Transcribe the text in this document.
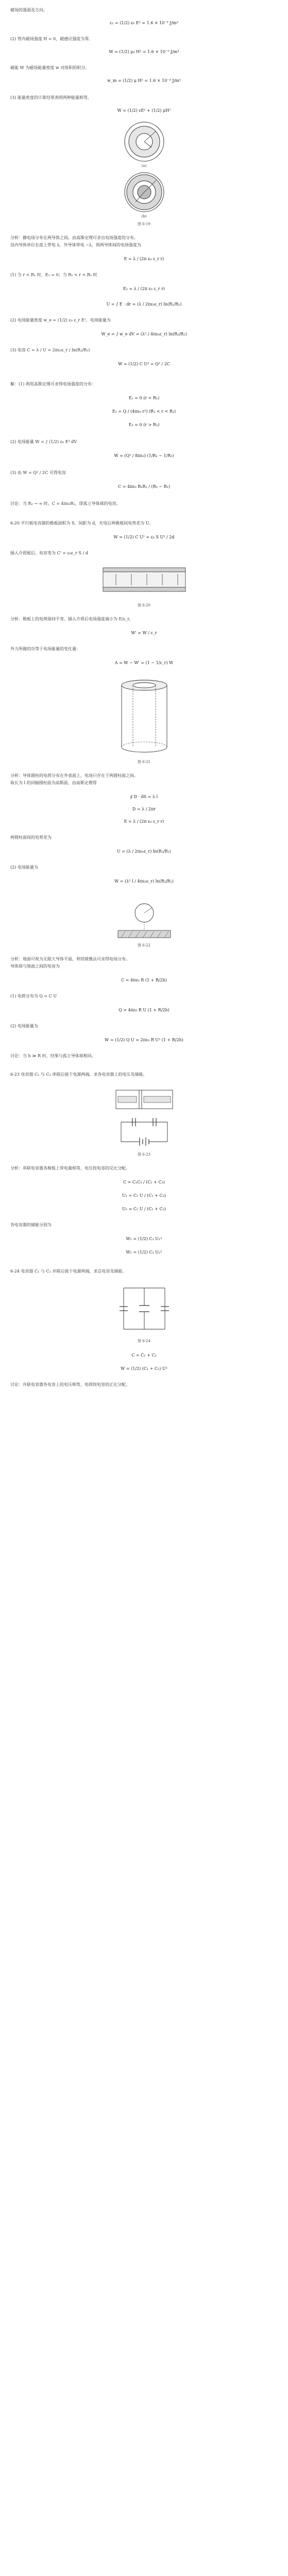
磁场的强弱及方向。
ε₁ = (1/2) ε₀ E² = 1.6 × 10⁻³ J/m³
(2) 管内磁场强度 H = 0，磁感应强度为零。
W = (1/2) μ₀ H² = 1.6 × 10⁻³ J/m³
磁能 W 为磁场能量密度 w 对体积的积分。
w_m = (1/2) μ H² = 1.6 × 10⁻³ J/m³
(3) 能量密度的计算结果表明两种能量相等。
W = (1/2) εE² + (1/2) μH²
(a)
(b)
图 6-19
分析：静电场分布在两导体之间，由高斯定理可求出电场强度的分布。
设内导体单位长度上带电 λ，外导体带电 −λ，则两导体间的电场强度为
E = λ / (2π ε₀ ε_r r)
(1) 当 r < R₁ 时，E₁ = 0；当 R₁ < r < R₂ 时
E₂ = λ / (2π ε₀ ε_r r)
U = ∫ E · dr = (λ / 2πε₀ε_r) ln(R₂/R₁)
(2) 电场能量密度 w_e = (1/2) ε₀ ε_r E²，电场能量为
W_e = ∫ w_e dV = (λ² / 4πε₀ε_r) ln(R₂/R₁)
(3) 电容 C = λ / U = 2πε₀ε_r / ln(R₂/R₁)
W = (1/2) C U² = Q² / 2C
解：(1) 利用高斯定理可求得电场强度的分布：
E₁ = 0 (r < R₁)
E₂ = Q / (4πε₀ r²) (R₁ < r < R₂)
E₃ = 0 (r > R₂)
(2) 电场能量 W = ∫ (1/2) ε₀ E² dV
W = (Q² / 8πε₀) (1/R₁ − 1/R₂)
(3) 由 W = Q² / 2C 可得电容
C = 4πε₀ R₁R₂ / (R₂ − R₁)
讨论：当 R₂ → ∞ 时，C = 4πε₀R₁，即孤立导体球的电容。
6-20 平行板电容器的极板面积为 S，间距为 d，充电后两极板间电势差为 U。
W = (1/2) C U² = ε₀ S U² / 2d
插入介质板后，电容变为 C' = ε₀ε_r S / d
图 6-20
分析：极板上的电荷保持不变，插入介质后电场强度减小为 E/ε_r。
W' = W / ε_r
外力所做的功等于电场能量的变化量：
A = W − W' = (1 − 1/ε_r) W
图 6-21
分析：导体圆柱的电荷分布在外表面上，电场只存在于两圆柱面之间。
取长为 l 的同轴圆柱面为高斯面，由高斯定理得
∮ D · dS = λ l
D = λ / 2πr
E = λ / (2π ε₀ ε_r r)
两圆柱面间的电势差为
U = (λ / 2πε₀ε_r) ln(R₂/R₁)
(2) 电场能量为
W = (λ² l / 4πε₀ε_r) ln(R₂/R₁)
图 6-22
分析：地面可视为无限大导体平面，利用镜像法可求得电场分布。
导体球与地面之间的电容为
C = 4πε₀ R (1 + R/2h)
(1) 电荷分布为 Q = C U
Q = 4πε₀ R U (1 + R/2h)
(2) 电场能量为
W = (1/2) Q U = 2πε₀ R U² (1 + R/2h)
讨论：当 h ≫ R 时，结果与孤立导体球相同。
6-23 电容器 C₁ 与 C₂ 串联后接于电源两端，求各电容器上的电压及储能。
图 6-23
分析：串联电容器各极板上带电量相等，电压按电容的反比分配。
C = C₁C₂ / (C₁ + C₂)
U₁ = C₂ U / (C₁ + C₂)
U₂ = C₁ U / (C₁ + C₂)
各电容器的储能分别为
W₁ = (1/2) C₁ U₁²
W₂ = (1/2) C₂ U₂²
6-24 电容器 C₁ 与 C₂ 并联后接于电源两端，求总电容及储能。
图 6-24
C = C₁ + C₂
W = (1/2) (C₁ + C₂) U²
讨论：并联电容器各电容上的电压相等，电荷按电容的正比分配。
